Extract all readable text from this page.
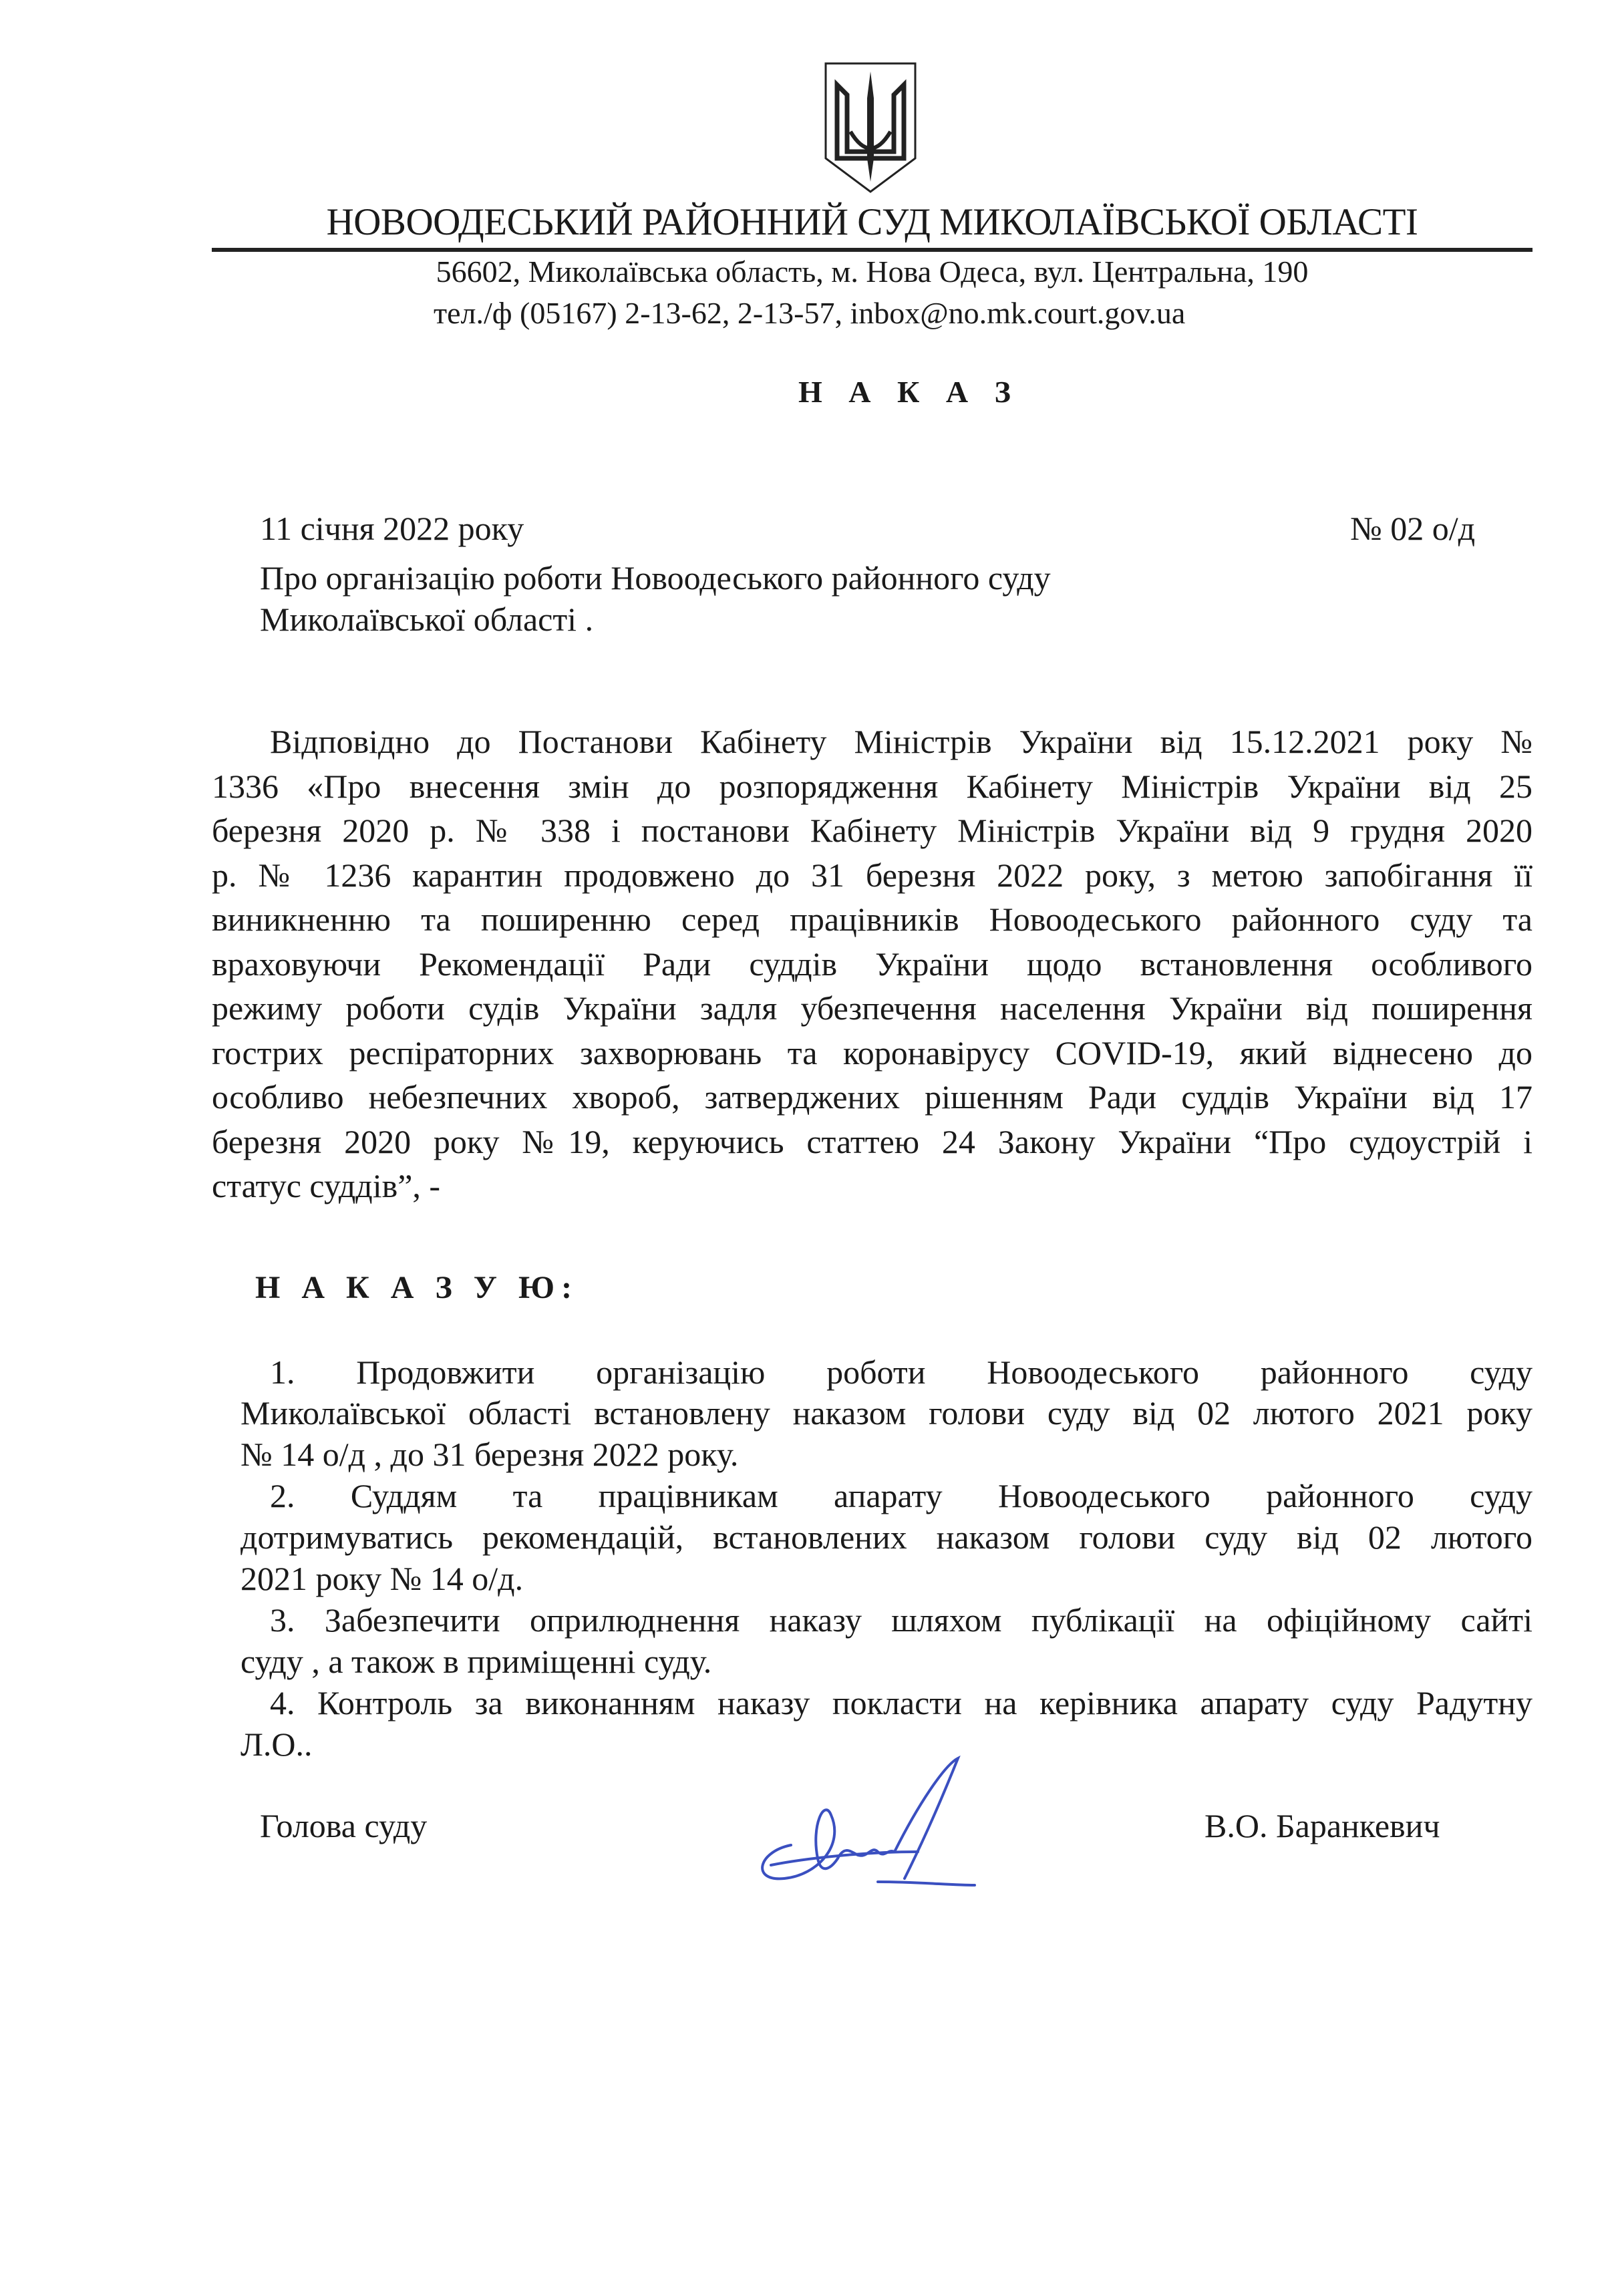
НОВООДЕСЬКИЙ РАЙОННИЙ СУД МИКОЛАЇВСЬКОЇ ОБЛАСТІ
56602, Миколаївська область, м. Нова Одеса, вул. Центральна, 190
тел./ф (05167) 2-13-62, 2-13-57, inbox@no.mk.court.gov.ua
Н А К А З
11 січня 2022 року	№ 02 о/д
Про організацію роботи Новоодеського районного суду
Миколаївської області .
Відповідно до Постанови Кабінету Міністрів України від 15.12.2021 року №
1336 «Про внесення змін до розпорядження Кабінету Міністрів України від 25
березня 2020 р. № 338 і постанови Кабінету Міністрів України від 9 грудня 2020
р. № 1236 карантин продовжено до 31 березня 2022 року, з метою запобігання її
виникненню та поширенню серед працівників Новоодеського районного суду та
враховуючи Рекомендації Ради суддів України щодо встановлення особливого
режиму роботи судів України задля убезпечення населення України від поширення
гострих респіраторних захворювань та коронавірусу COVID-19, який віднесено до
особливо небезпечних хвороб, затверджених рішенням Ради суддів України від 17
березня 2020 року №19, керуючись статтею 24 Закону України “Про судоустрій і
статус суддів”, -
Н А К А З У Ю:
1. Продовжити організацію роботи Новоодеського районного суду
Миколаївської області встановлену наказом голови суду від 02 лютого 2021 року
№ 14 о/д , до 31 березня 2022 року.
2. Суддям та працівникам апарату Новоодеського районного суду
дотримуватись рекомендацій, встановлених наказом голови суду від 02 лютого
2021 року № 14 о/д.
3. Забезпечити оприлюднення наказу шляхом публікації на офіційному сайті
суду , а також в приміщенні суду.
4. Контроль за виконанням наказу покласти на керівника апарату суду Радутну
Л.О..
Голова суду	В.О. Баранкевич
